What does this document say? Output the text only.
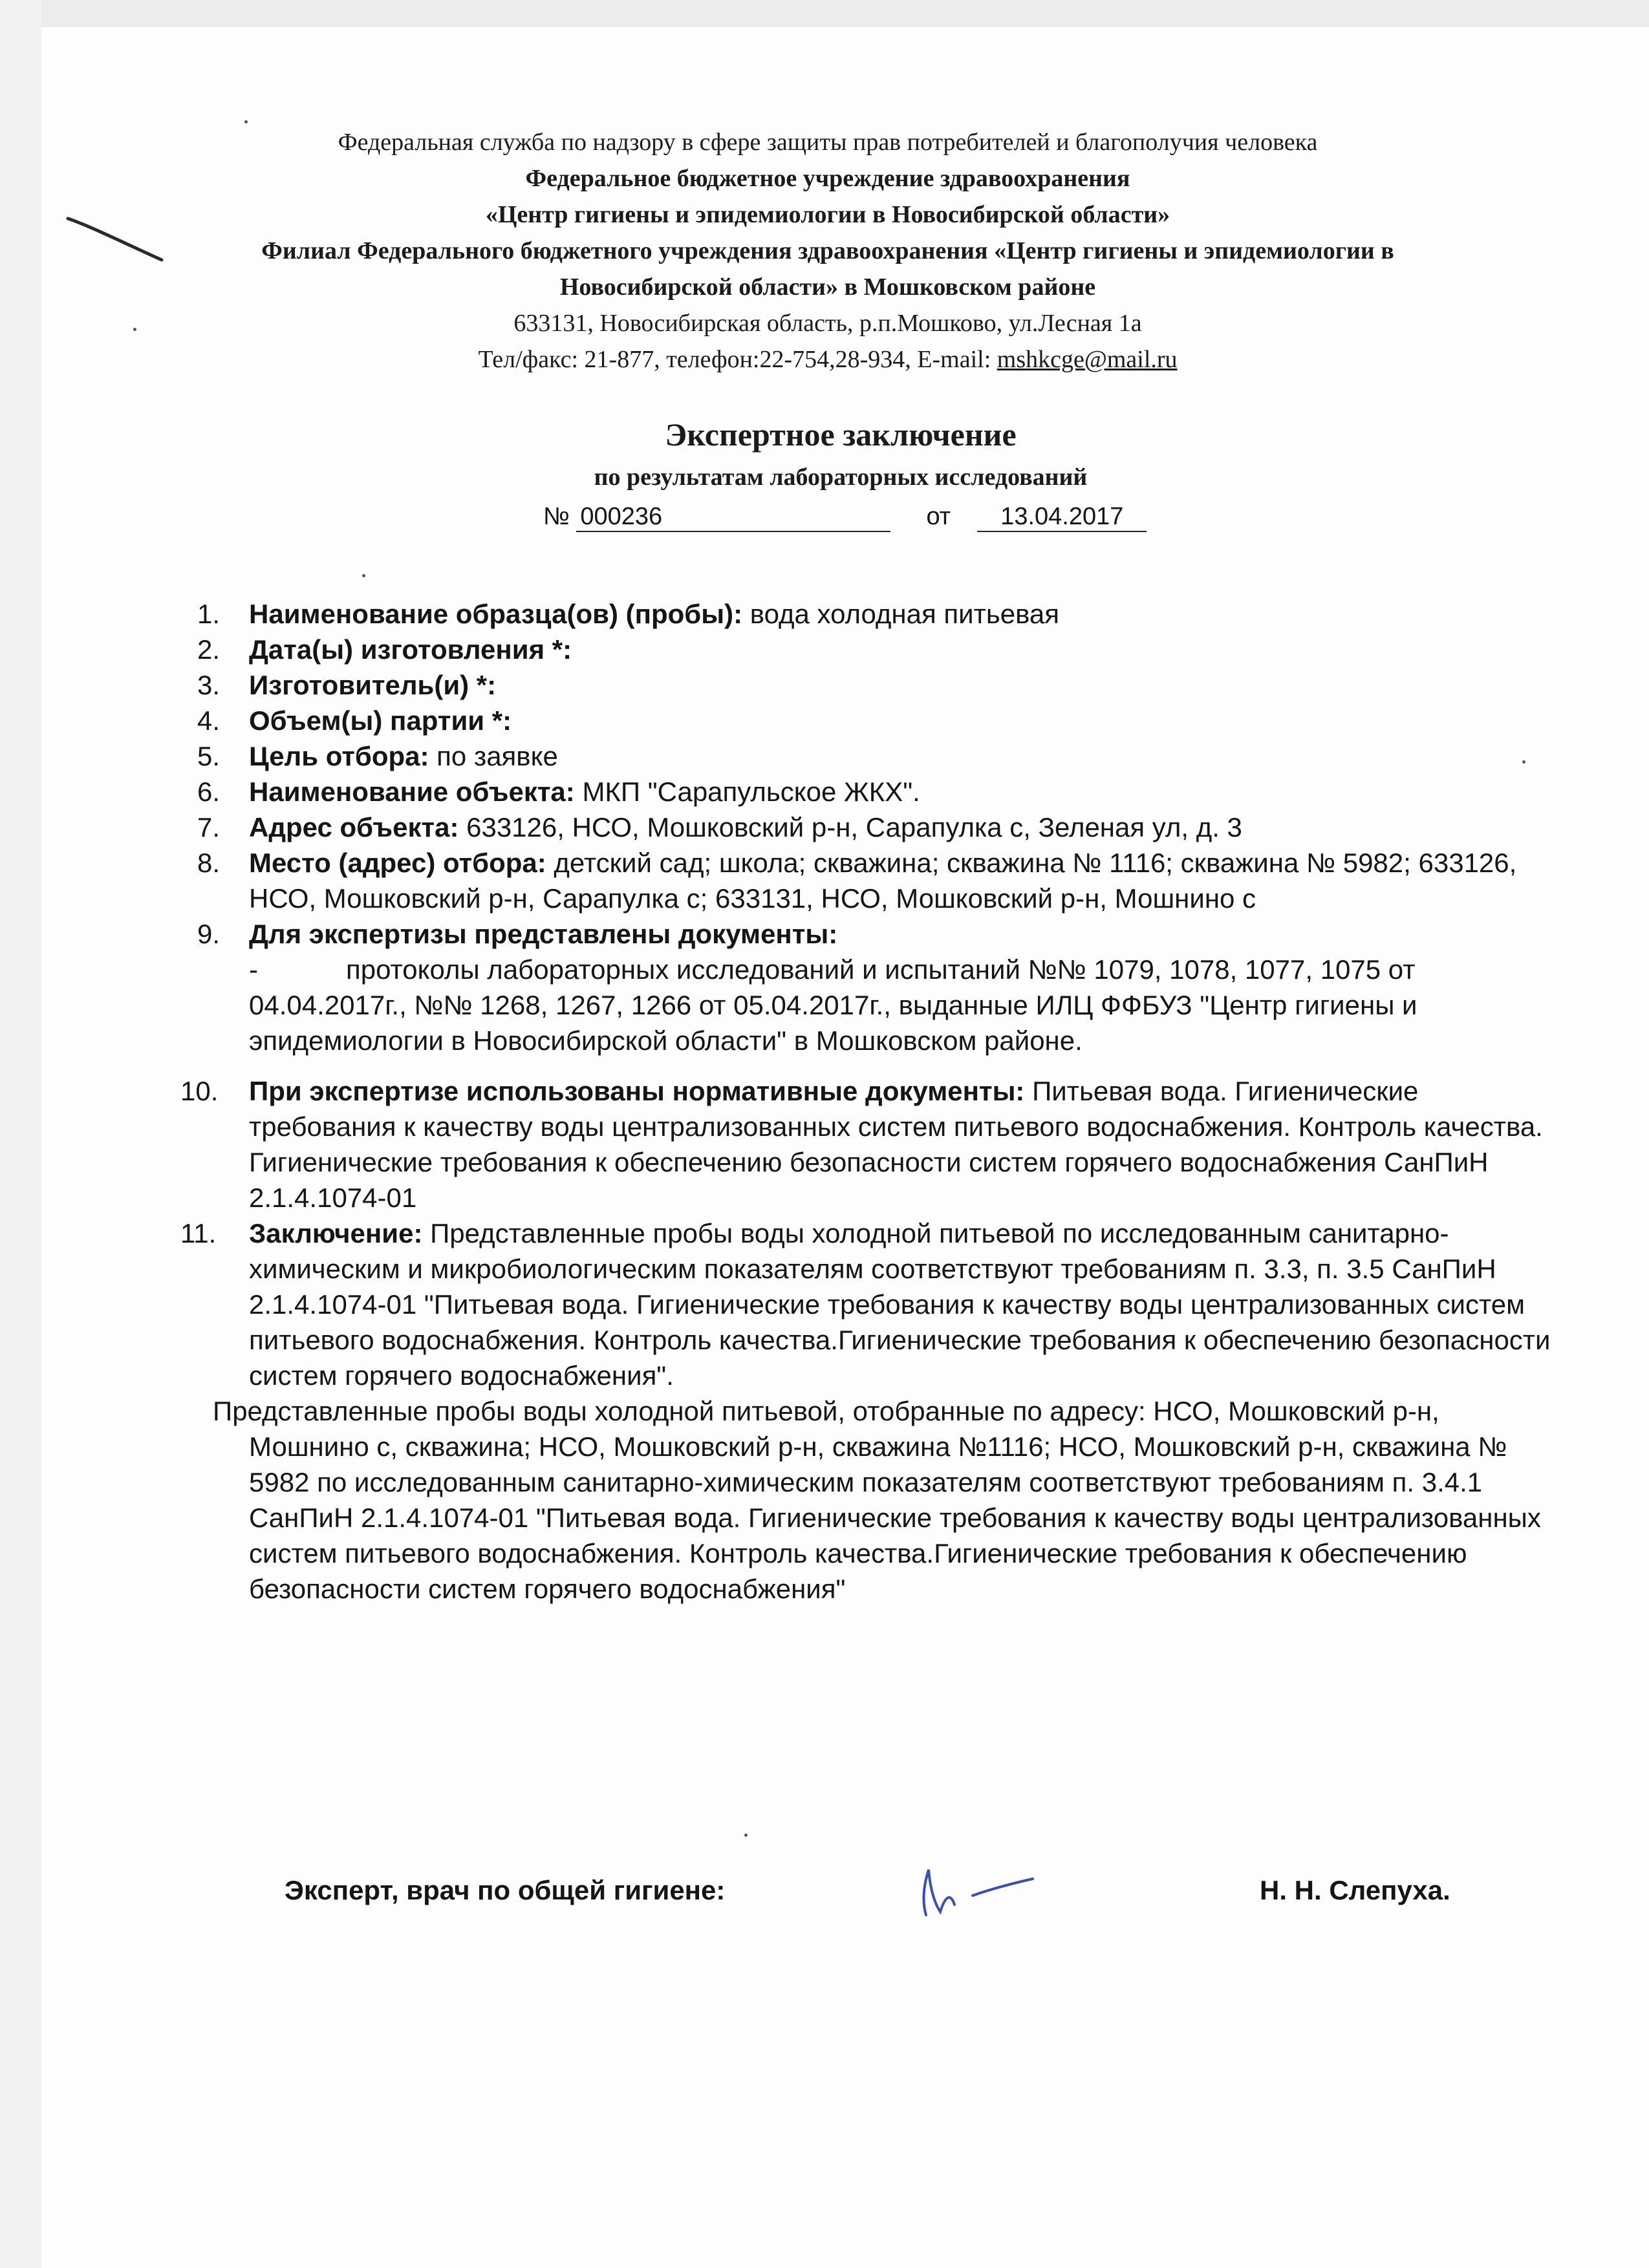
Федеральная служба по надзору в сфере защиты прав потребителей и благополучия человека
Федеральное бюджетное учреждение здравоохранения
«Центр гигиены и эпидемиологии в Новосибирской области»
Филиал Федерального бюджетного учреждения здравоохранения «Центр гигиены и эпидемиологии в
Новосибирской области» в Мошковском районе
633131, Новосибирская область, р.п.Мошково, ул.Лесная 1а
Тел/факс: 21-877, телефон:22-754,28-934, E-mail: mshkcge@mail.ru
Экспертное заключение
по результатам лабораторных исследований
№ 000236	от 13.04.2017
1. Наименование образца(ов) (пробы): вода холодная питьевая
2. Дата(ы) изготовления *:
3. Изготовитель(и) *:
4. Объем(ы) партии *:
5. Цель отбора: по заявке
6. Наименование объекта: МКП "Сарапульское ЖКХ".
7. Адрес объекта: 633126, НСО, Мошковский р-н, Сарапулка с, Зеленая ул, д. 3
8. Место (адрес) отбора: детский сад; школа; скважина; скважина № 1116; скважина № 5982; 633126, НСО, Мошковский р-н, Сарапулка с; 633131, НСО, Мошковский р-н, Мошнино с
9. Для экспертизы представлены документы:
-	протоколы лабораторных исследований и испытаний №№ 1079, 1078, 1077, 1075 от 04.04.2017г., №№ 1268, 1267, 1266 от 05.04.2017г., выданные ИЛЦ ФФБУЗ "Центр гигиены и эпидемиологии в Новосибирской области" в Мошковском районе.
10. При экспертизе использованы нормативные документы: Питьевая вода. Гигиенические требования к качеству воды централизованных систем питьевого водоснабжения. Контроль качества. Гигиенические требования к обеспечению безопасности систем горячего водоснабжения СанПиН 2.1.4.1074-01
11. Заключение: Представленные пробы воды холодной питьевой по исследованным санитарно-химическим и микробиологическим показателям соответствуют требованиям п. 3.3, п. 3.5 СанПиН 2.1.4.1074-01 "Питьевая вода. Гигиенические требования к качеству воды централизованных систем питьевого водоснабжения. Контроль качества.Гигиенические требования к обеспечению безопасности систем горячего водоснабжения".
Представленные пробы воды холодной питьевой, отобранные по адресу: НСО, Мошковский р-н, Мошнино с, скважина; НСО, Мошковский р-н, скважина №1116; НСО, Мошковский р-н, скважина № 5982 по исследованным санитарно-химическим показателям соответствуют требованиям п. 3.4.1 СанПиН 2.1.4.1074-01 "Питьевая вода. Гигиенические требования к качеству воды централизованных систем питьевого водоснабжения. Контроль качества.Гигиенические требования к обеспечению безопасности систем горячего водоснабжения"
Эксперт, врач по общей гигиене:	Н. Н. Слепуха.
